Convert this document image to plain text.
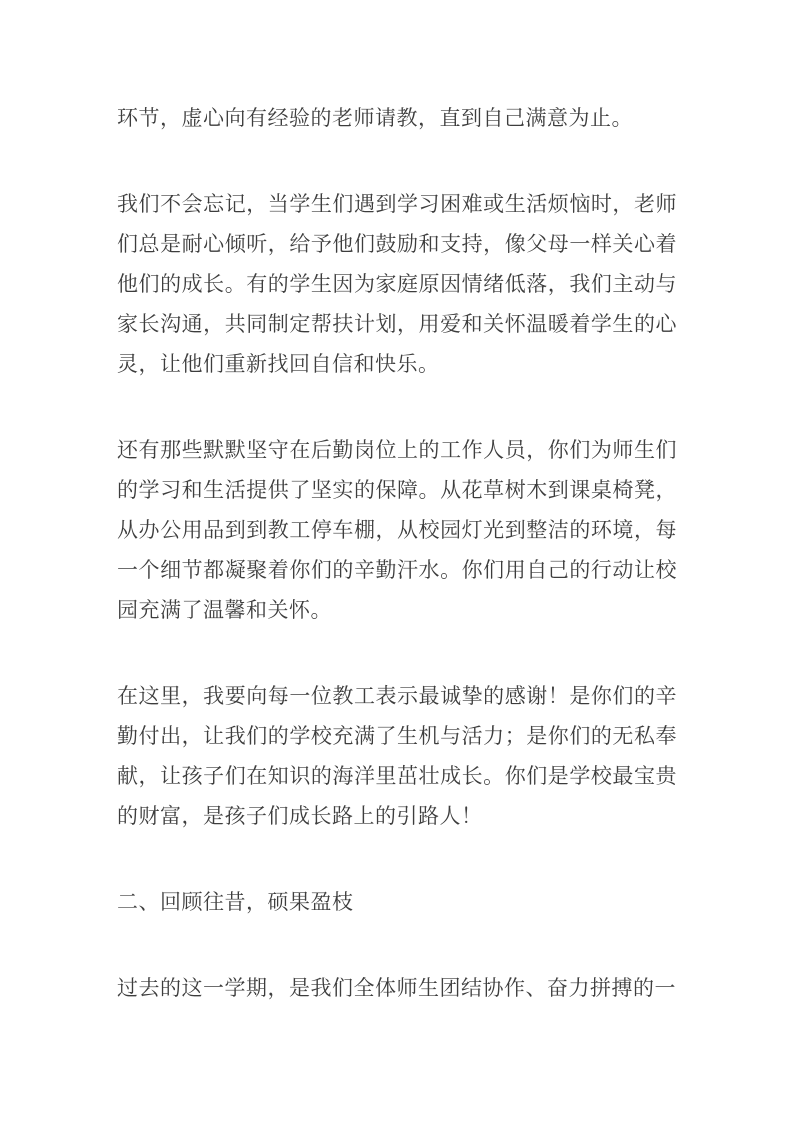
环节，虚心向有经验的老师请教，直到自己满意为止。

我们不会忘记，当学生们遇到学习困难或生活烦恼时，老师们总是耐心倾听，给予他们鼓励和支持，像父母一样关心着他们的成长。有的学生因为家庭原因情绪低落，我们主动与家长沟通，共同制定帮扶计划，用爱和关怀温暖着学生的心灵，让他们重新找回自信和快乐。

还有那些默默坚守在后勤岗位上的工作人员，你们为师生们的学习和生活提供了坚实的保障。从花草树木到课桌椅凳，从办公用品到到教工停车棚，从校园灯光到整洁的环境，每一个细节都凝聚着你们的辛勤汗水。你们用自己的行动让校园充满了温馨和关怀。

在这里，我要向每一位教工表示最诚挚的感谢！是你们的辛勤付出，让我们的学校充满了生机与活力；是你们的无私奉献，让孩子们在知识的海洋里茁壮成长。你们是学校最宝贵的财富，是孩子们成长路上的引路人！

二、回顾往昔，硕果盈枝

过去的这一学期，是我们全体师生团结协作、奋力拼搏的一
